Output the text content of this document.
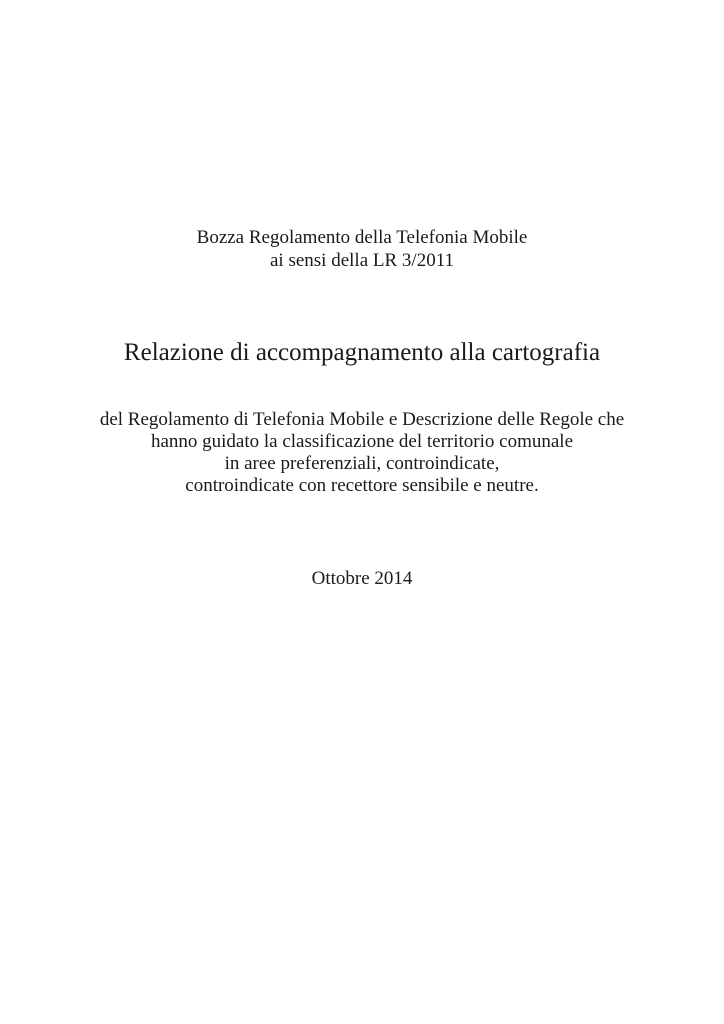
Bozza Regolamento della Telefonia Mobile
ai sensi della LR 3/2011
Relazione di accompagnamento alla cartografia
del Regolamento di Telefonia Mobile e Descrizione delle Regole che
hanno guidato la classificazione del territorio comunale
in aree preferenziali, controindicate,
controindicate con recettore sensibile e neutre.
Ottobre 2014
